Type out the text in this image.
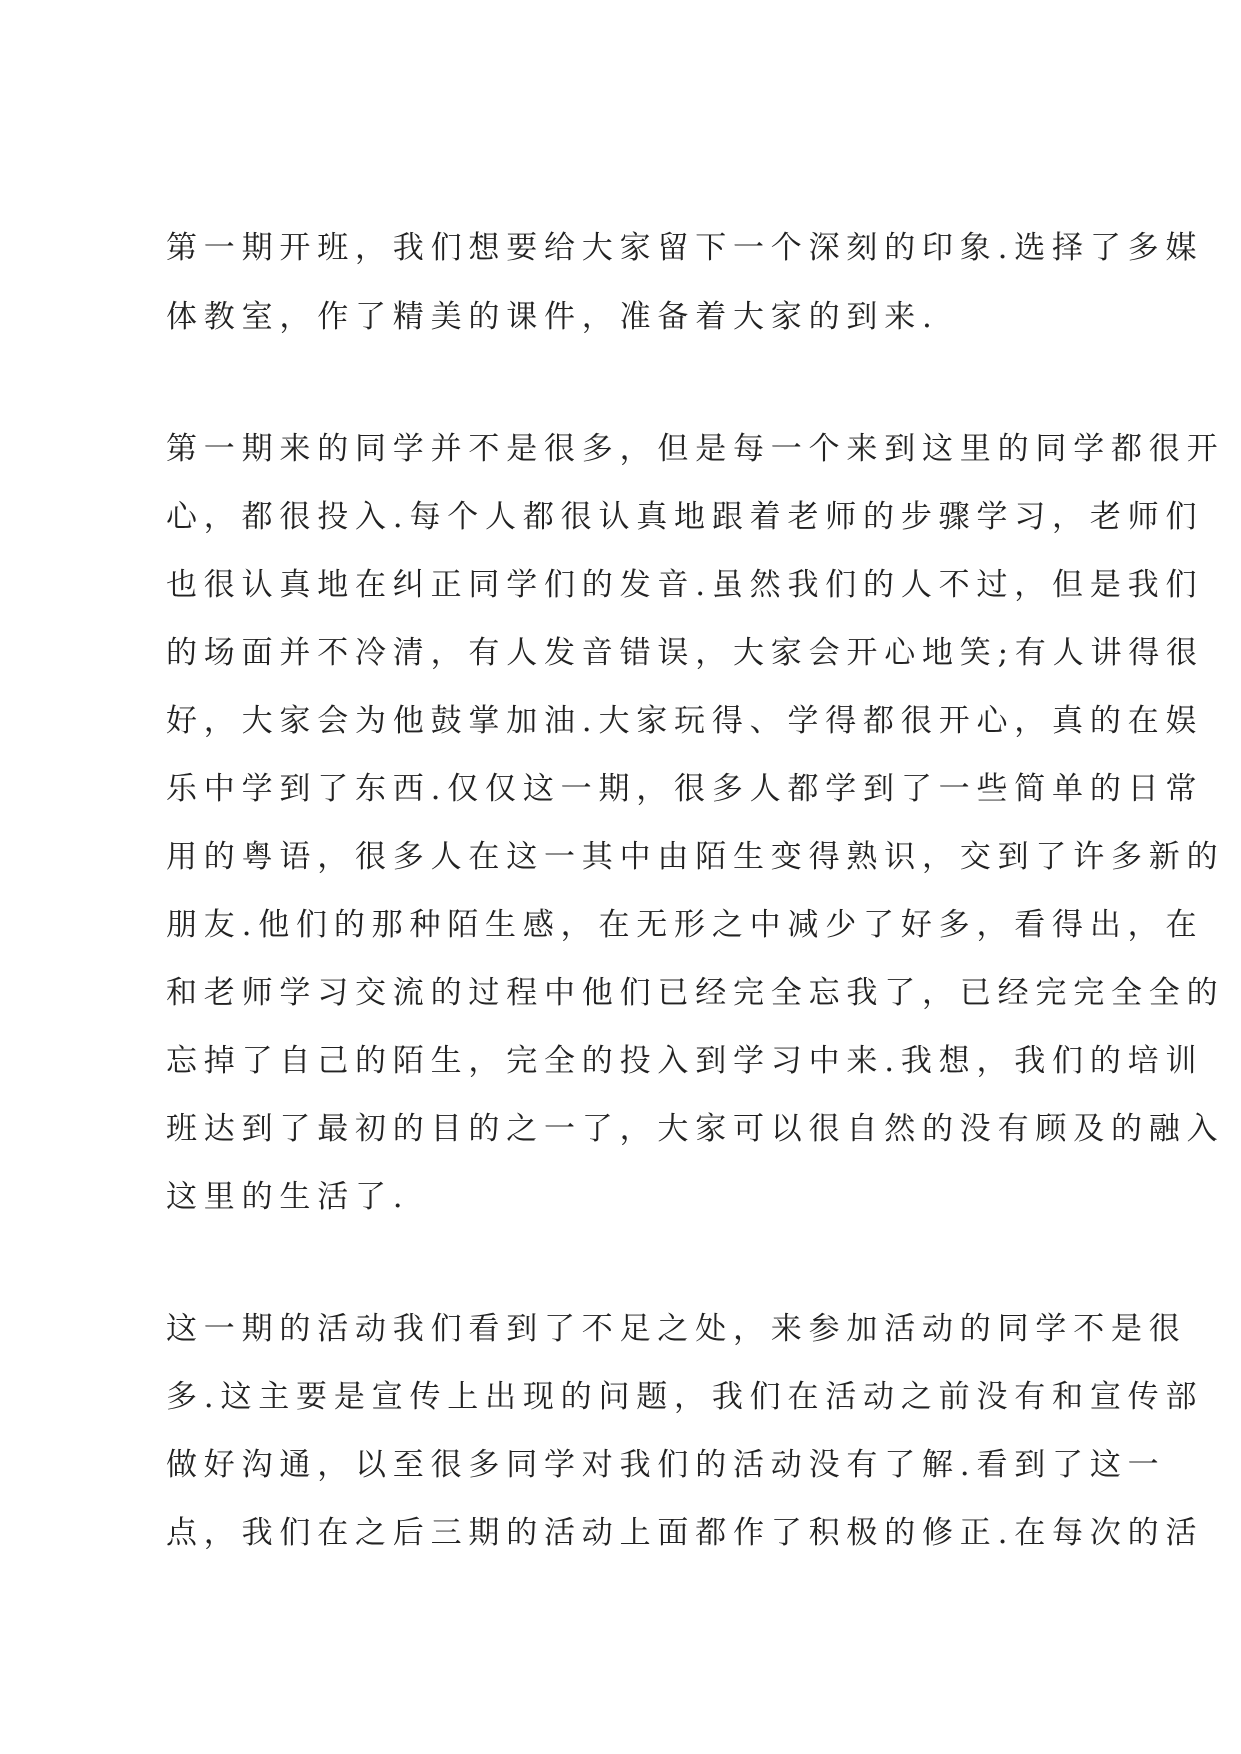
第一期开班，我们想要给大家留下一个深刻的印象.选择了多媒
体教室，作了精美的课件，准备着大家的到来.
第一期来的同学并不是很多，但是每一个来到这里的同学都很开
心，都很投入.每个人都很认真地跟着老师的步骤学习，老师们
也很认真地在纠正同学们的发音.虽然我们的人不过，但是我们
的场面并不冷清，有人发音错误，大家会开心地笑;有人讲得很
好，大家会为他鼓掌加油.大家玩得、学得都很开心，真的在娱
乐中学到了东西.仅仅这一期，很多人都学到了一些简单的日常
用的粤语，很多人在这一其中由陌生变得熟识，交到了许多新的
朋友.他们的那种陌生感，在无形之中减少了好多，看得出，在
和老师学习交流的过程中他们已经完全忘我了，已经完完全全的
忘掉了自己的陌生，完全的投入到学习中来.我想，我们的培训
班达到了最初的目的之一了，大家可以很自然的没有顾及的融入
这里的生活了.
这一期的活动我们看到了不足之处，来参加活动的同学不是很
多.这主要是宣传上出现的问题，我们在活动之前没有和宣传部
做好沟通，以至很多同学对我们的活动没有了解.看到了这一
点，我们在之后三期的活动上面都作了积极的修正.在每次的活
